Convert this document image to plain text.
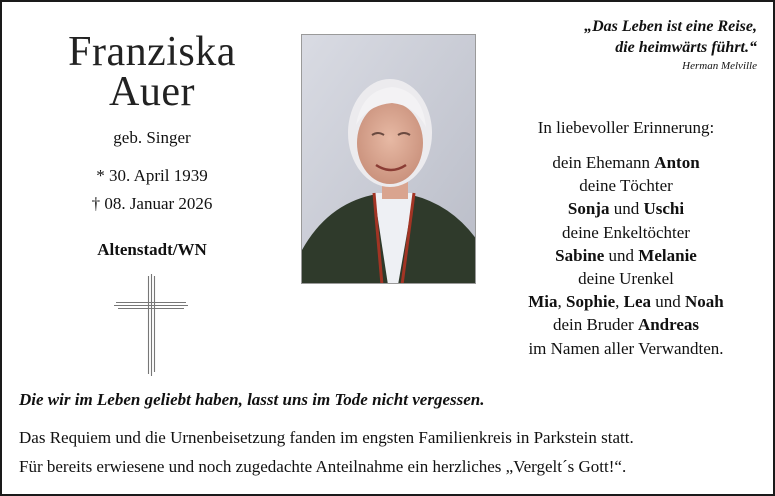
Franziska
Auer
geb. Singer
* 30. April 1939
† 08. Januar 2026
Altenstadt/WN
„Das Leben ist eine Reise,
die heimwärts führt.“
Herman Melville
In liebevoller Erinnerung:
dein Ehemann Anton
deine Töchter
Sonja und Uschi
deine Enkeltöchter
Sabine und Melanie
deine Urenkel
Mia, Sophie, Lea und Noah
dein Bruder Andreas
im Namen aller Verwandten.
Die wir im Leben geliebt haben, lasst uns im Tode nicht vergessen.
Das Requiem und die Urnenbeisetzung fanden im engsten Familienkreis in Parkstein statt.
Für bereits erwiesene und noch zugedachte Anteilnahme ein herzliches „Vergelt´s Gott!“.
